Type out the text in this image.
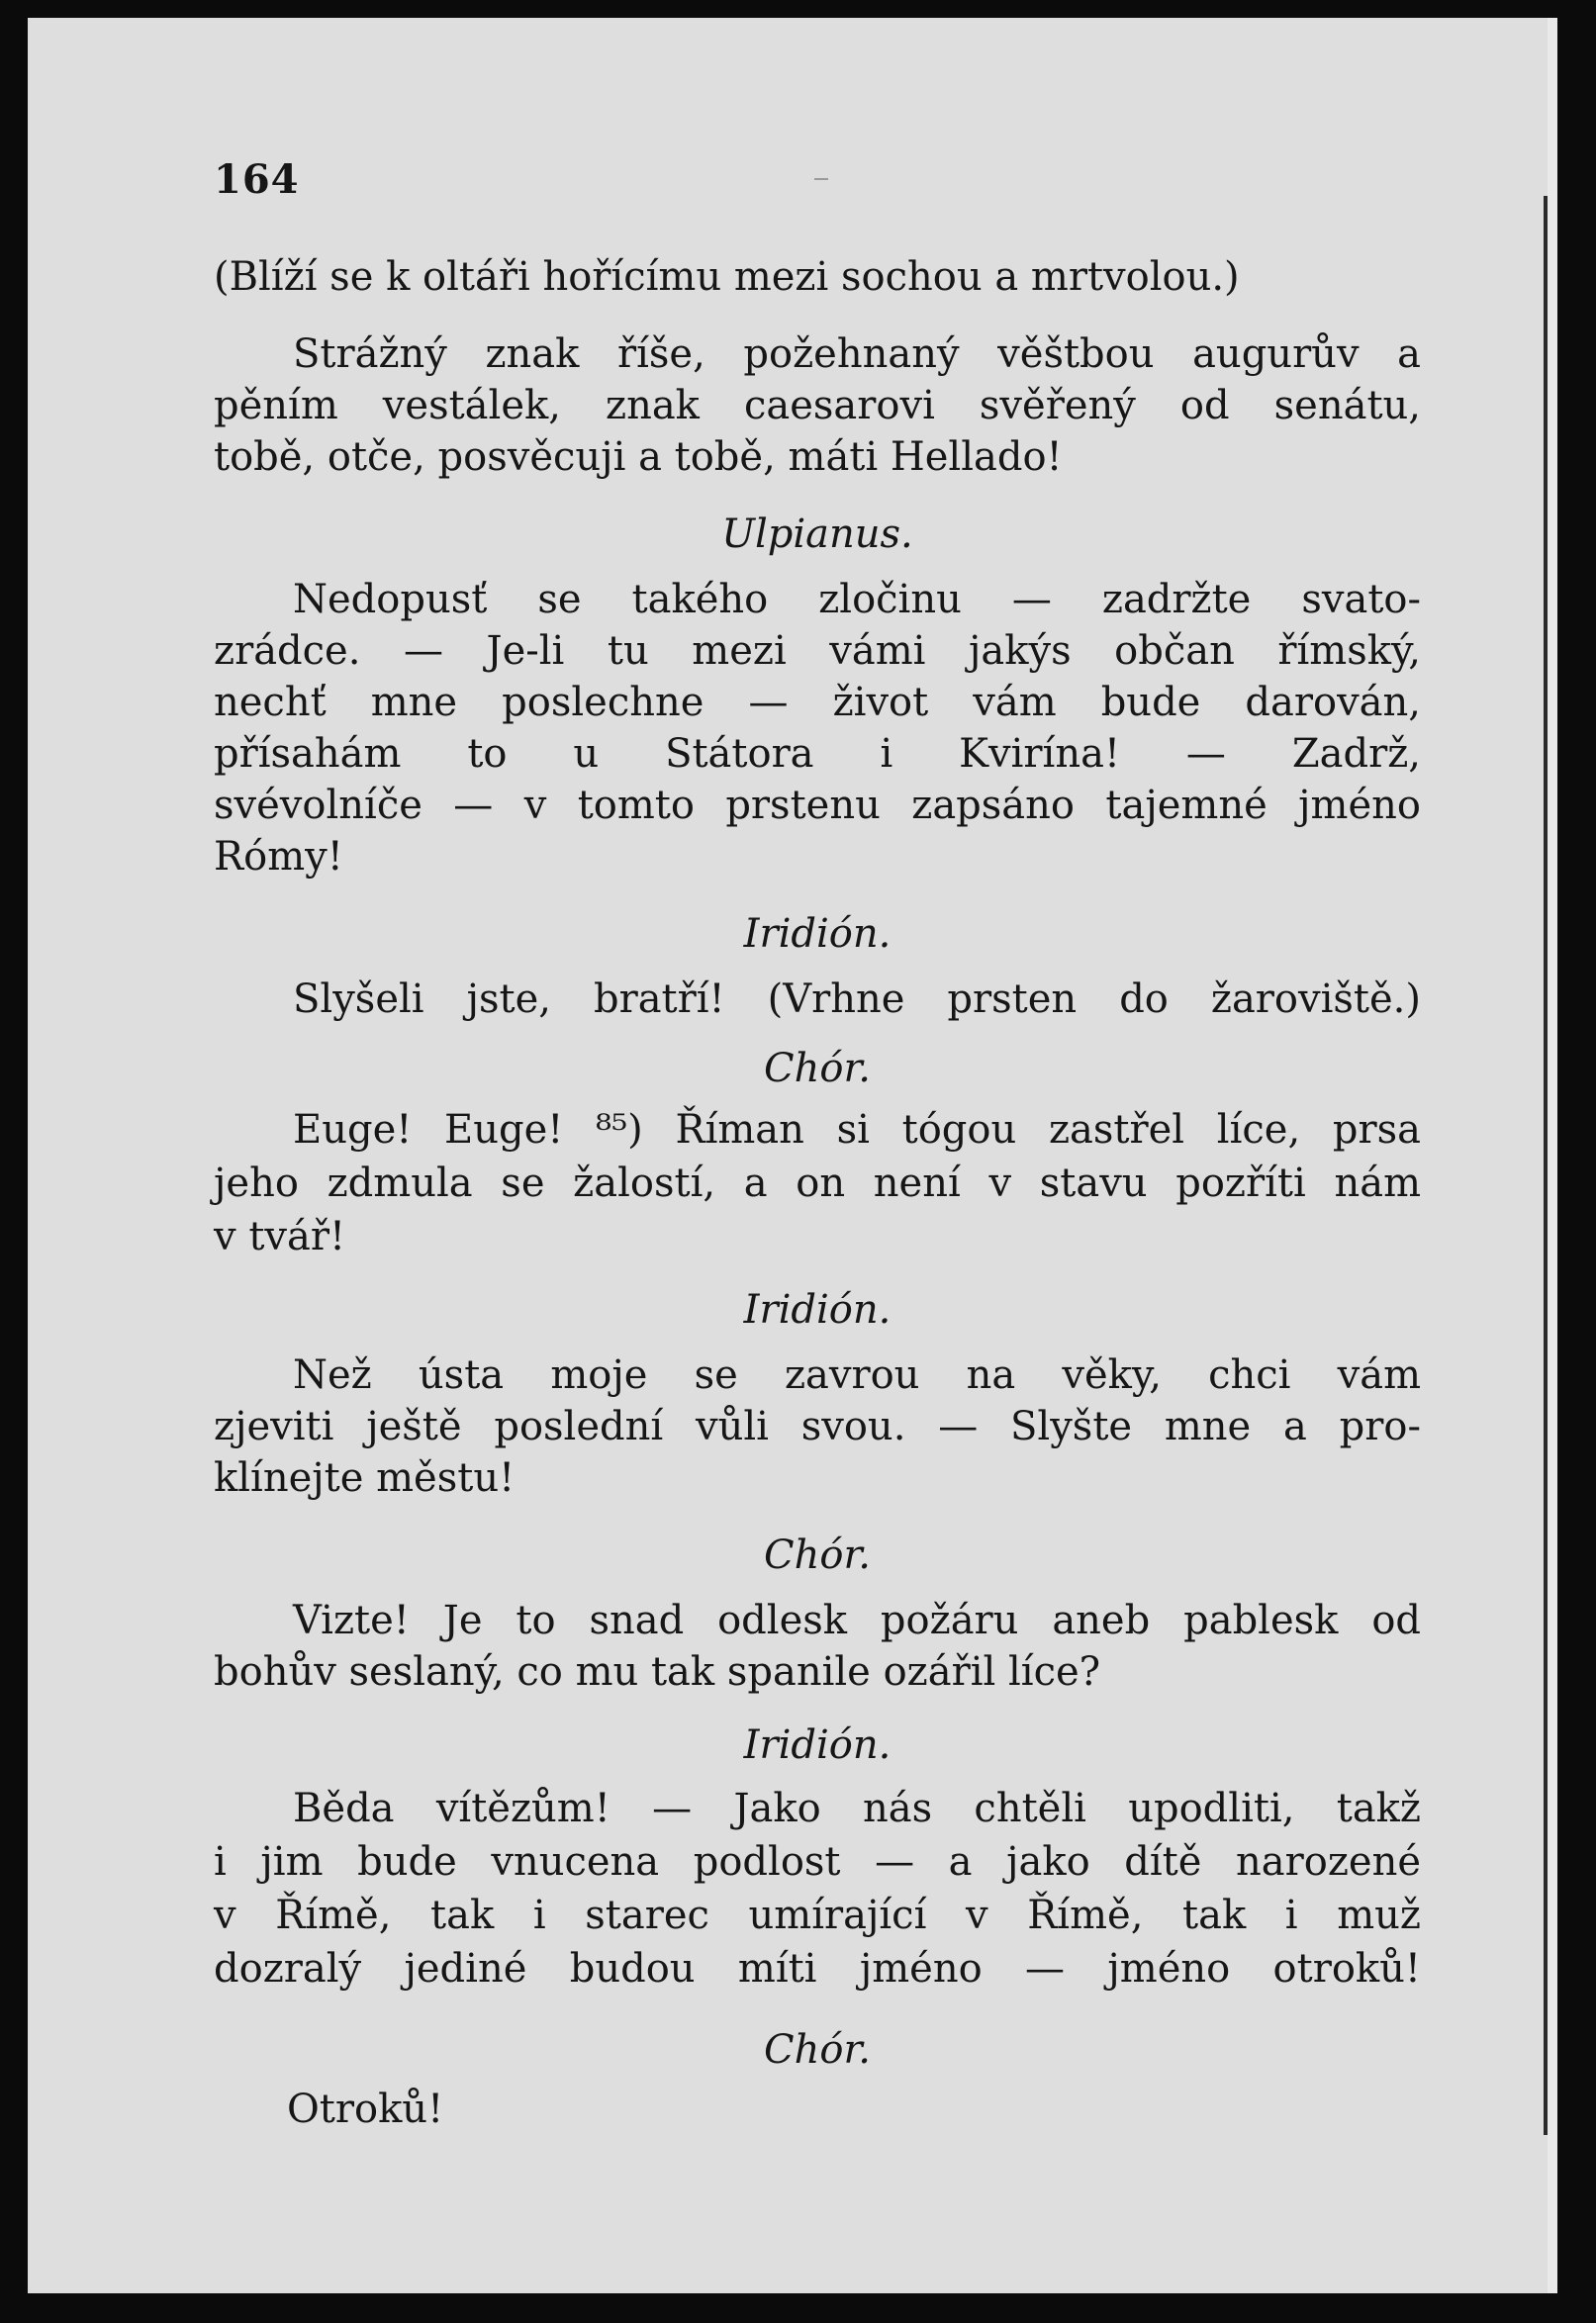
164
(Blíží se k oltáři hořícímu mezi sochou a mrtvolou.)
Strážný znak říše, požehnaný věštbou augurův a
pěním vestálek, znak caesarovi svěřený od senátu,
tobě, otče, posvěcuji a tobě, máti Hellado!
Ulpianus.
Nedopusť se takého zločinu — zadržte svato-
zrádce. — Je-li tu mezi vámi jakýs občan římský,
nechť mne poslechne — život vám bude darován,
přísahám to u Státora i Kvirína! — Zadrž,
svévolníče — v tomto prstenu zapsáno tajemné jméno
Rómy!
Iridión.
Slyšeli jste, bratří! (Vrhne prsten do žaroviště.)
Chór.
Euge! Euge! ⁸⁵) Říman si tógou zastřel líce, prsa
jeho zdmula se žalostí, a on není v stavu pozříti nám
v tvář!
Iridión.
Než ústa moje se zavrou na věky, chci vám
zjeviti ještě poslední vůli svou. — Slyšte mne a pro-
klínejte městu!
Chór.
Vizte! Je to snad odlesk požáru aneb pablesk od
bohův seslaný, co mu tak spanile ozářil líce?
Iridión.
Běda vítězům! — Jako nás chtěli upodliti, takž
i jim bude vnucena podlost — a jako dítě narozené
v Římě, tak i starec umírající v Římě, tak i muž
dozralý jediné budou míti jméno — jméno otroků!
Chór.
Otroků!
